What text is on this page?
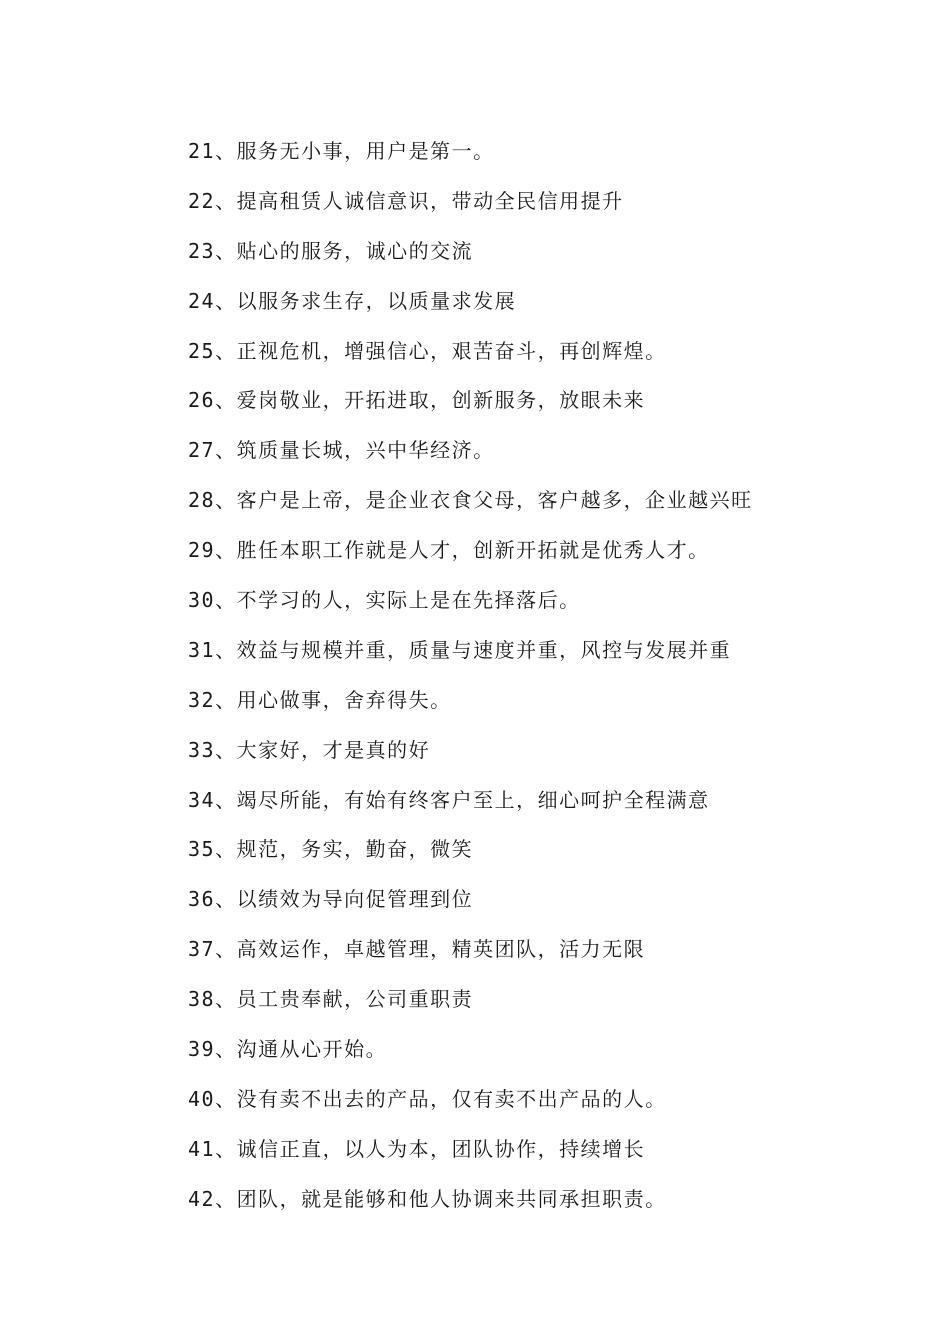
21、服务无小事，用户是第一。
22、提高租赁人诚信意识，带动全民信用提升
23、贴心的服务，诚心的交流
24、以服务求生存，以质量求发展
25、正视危机，增强信心，艰苦奋斗，再创辉煌。
26、爱岗敬业，开拓进取，创新服务，放眼未来
27、筑质量长城，兴中华经济。
28、客户是上帝，是企业衣食父母，客户越多，企业越兴旺
29、胜任本职工作就是人才，创新开拓就是优秀人才。
30、不学习的人，实际上是在先择落后。
31、效益与规模并重，质量与速度并重，风控与发展并重
32、用心做事，舍弃得失。
33、大家好，才是真的好
34、竭尽所能，有始有终客户至上，细心呵护全程满意
35、规范，务实，勤奋，微笑
36、以绩效为导向促管理到位
37、高效运作，卓越管理，精英团队，活力无限
38、员工贵奉献，公司重职责
39、沟通从心开始。
40、没有卖不出去的产品，仅有卖不出产品的人。
41、诚信正直，以人为本，团队协作，持续增长
42、团队，就是能够和他人协调来共同承担职责。
